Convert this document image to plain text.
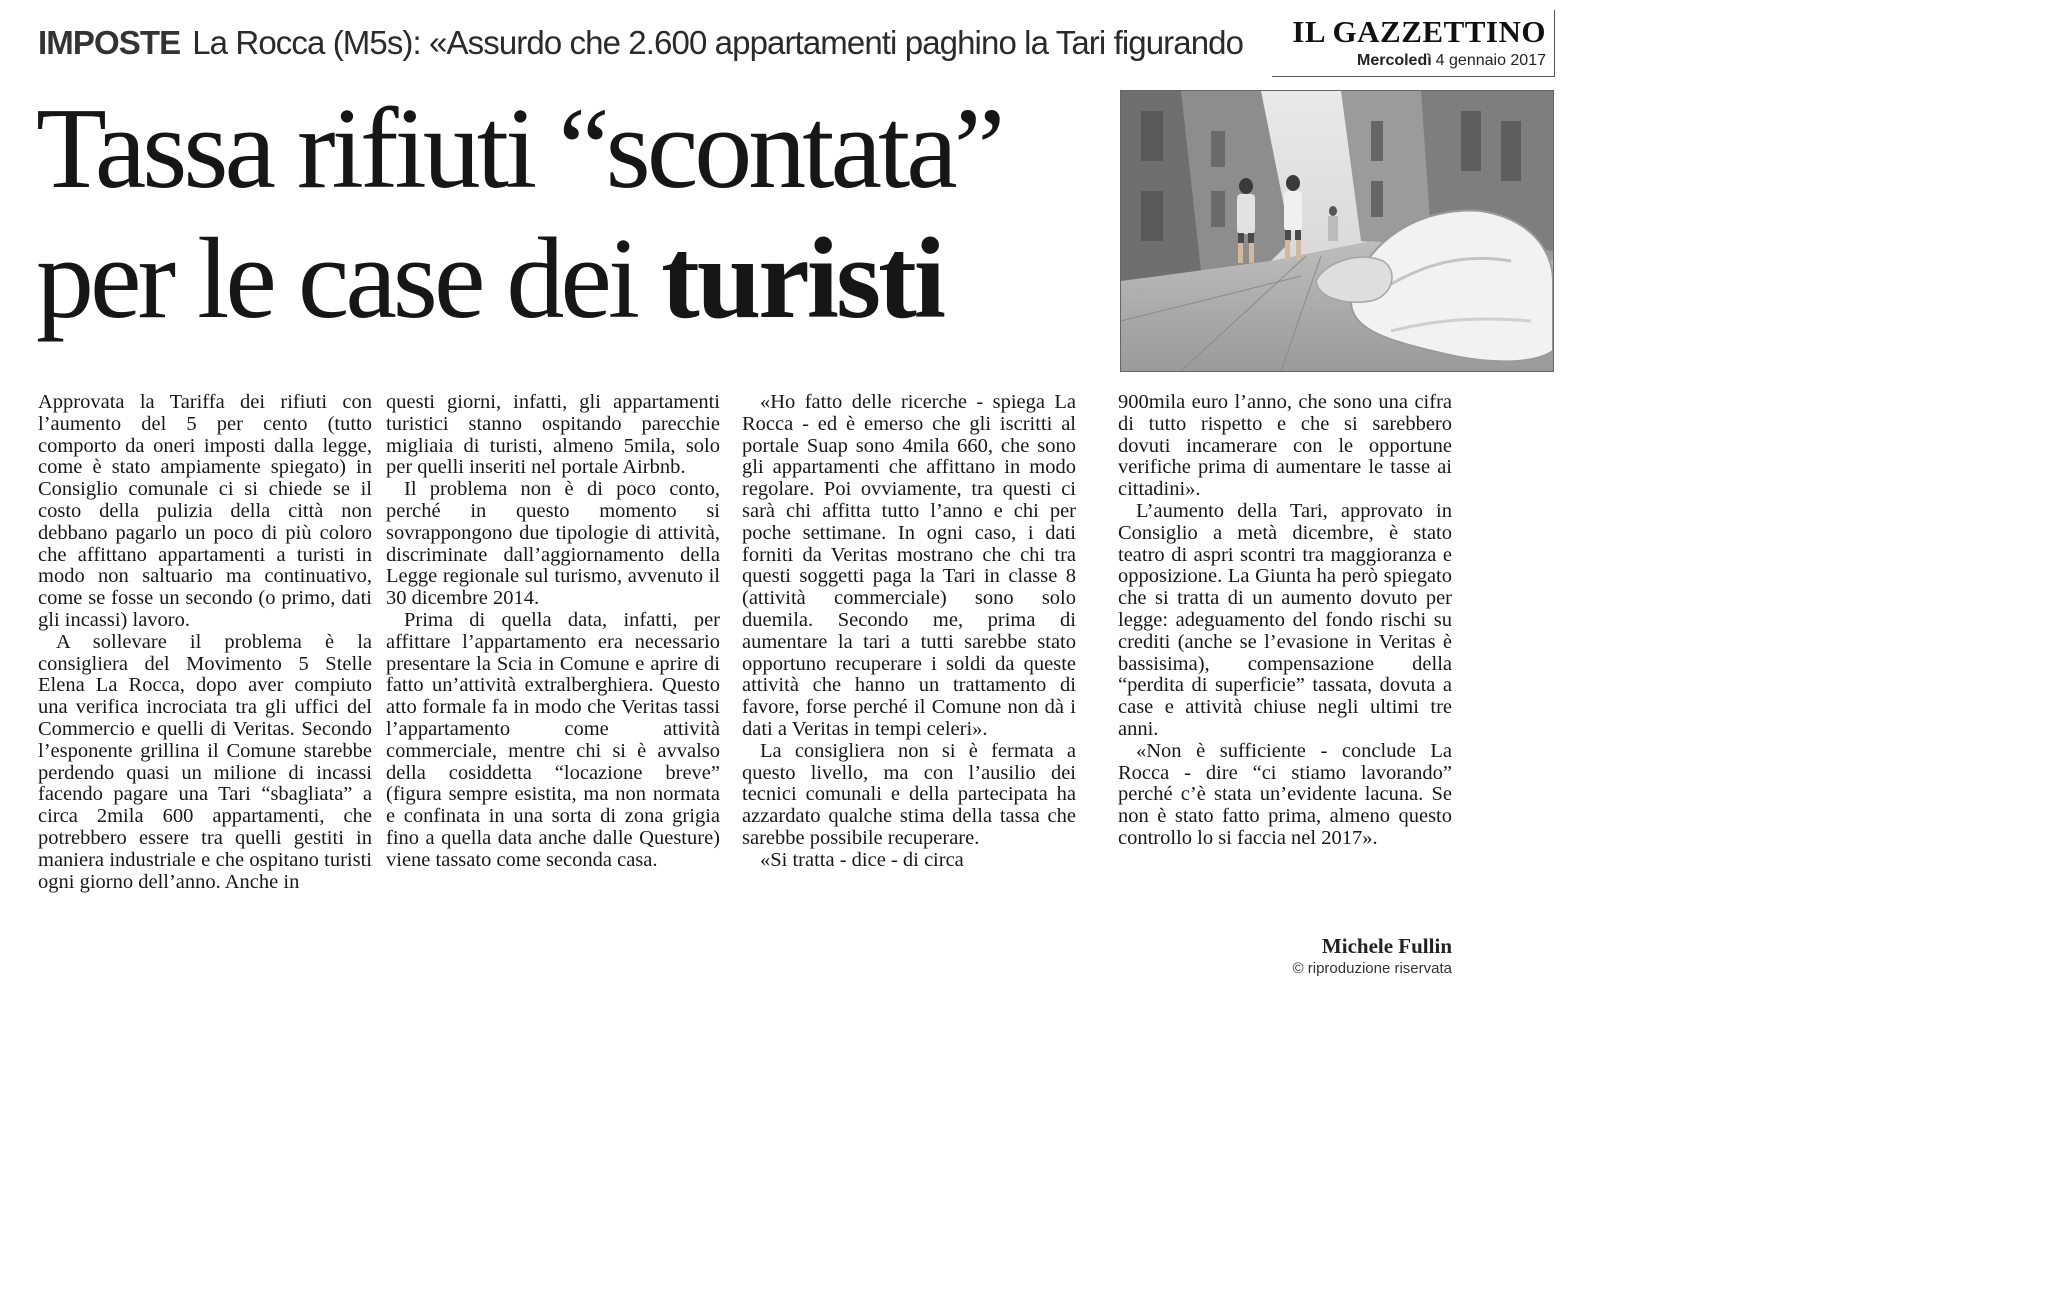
IMPOSTE La Rocca (M5s): «Assurdo che 2.600 appartamenti paghino la Tari figurando	IL GAZZETTINO
Mercoledì 4 gennaio 2017
Tassa rifiuti “scontata”
per le case dei turisti

Approvata la Tariffa dei rifiuti con l’aumento del 5 per cento (tutto comporto da oneri imposti dalla legge, come è stato ampiamente spiegato) in Consiglio comunale ci si chiede se il costo della pulizia della città non debbano pagarlo un poco di più coloro che affittano appartamenti a turisti in modo non saltuario ma continuativo, come se fosse un secondo (o primo, dati gli incassi) lavoro.

A sollevare il problema è la consigliera del Movimento 5 Stelle Elena La Rocca, dopo aver compiuto una verifica incrociata tra gli uffici del Commercio e quelli di Veritas. Secondo l’esponente grillina il Comune starebbe perdendo quasi un milione di incassi facendo pagare una Tari “sbagliata” a circa 2mila 600 appartamenti, che potrebbero essere tra quelli gestiti in maniera industriale e che ospitano turisti ogni giorno dell’anno. Anche in

questi giorni, infatti, gli appartamenti turistici stanno ospitando parecchie migliaia di turisti, almeno 5mila, solo per quelli inseriti nel portale Airbnb.

Il problema non è di poco conto, perché in questo momento si sovrappongono due tipologie di attività, discriminate dall’aggiornamento della Legge regionale sul turismo, avvenuto il 30 dicembre 2014.

Prima di quella data, infatti, per affittare l’appartamento era necessario presentare la Scia in Comune e aprire di fatto un’attività extralberghiera. Questo atto formale fa in modo che Veritas tassi l’appartamento come attività commerciale, mentre chi si è avvalso della cosiddetta “locazione breve” (figura sempre esistita, ma non normata e confinata in una sorta di zona grigia fino a quella data anche dalle Questure) viene tassato come seconda casa.

«Ho fatto delle ricerche - spiega La Rocca - ed è emerso che gli iscritti al portale Suap sono 4mila 660, che sono gli appartamenti che affittano in modo regolare. Poi ovviamente, tra questi ci sarà chi affitta tutto l’anno e chi per poche settimane. In ogni caso, i dati forniti da Veritas mostrano che chi tra questi soggetti paga la Tari in classe 8 (attività commerciale) sono solo duemila. Secondo me, prima di aumentare la tari a tutti sarebbe stato opportuno recuperare i soldi da queste attività che hanno un trattamento di favore, forse perché il Comune non dà i dati a Veritas in tempi celeri».

La consigliera non si è fermata a questo livello, ma con l’ausilio dei tecnici comunali e della partecipata ha azzardato qualche stima della tassa che sarebbe possibile recuperare.

«Si tratta - dice - di circa

900mila euro l’anno, che sono una cifra di tutto rispetto e che si sarebbero dovuti incamerare con le opportune verifiche prima di aumentare le tasse ai cittadini».

L’aumento della Tari, approvato in Consiglio a metà dicembre, è stato teatro di aspri scontri tra maggioranza e opposizione. La Giunta ha però spiegato che si tratta di un aumento dovuto per legge: adeguamento del fondo rischi su crediti (anche se l’evasione in Veritas è bassisima), compensazione della “perdita di superficie” tassata, dovuta a case e attività chiuse negli ultimi tre anni.

«Non è sufficiente - conclude La Rocca - dire “ci stiamo lavorando” perché c’è stata un’evidente lacuna. Se non è stato fatto prima, almeno questo controllo lo si faccia nel 2017».

Michele Fullin
© riproduzione riservata
